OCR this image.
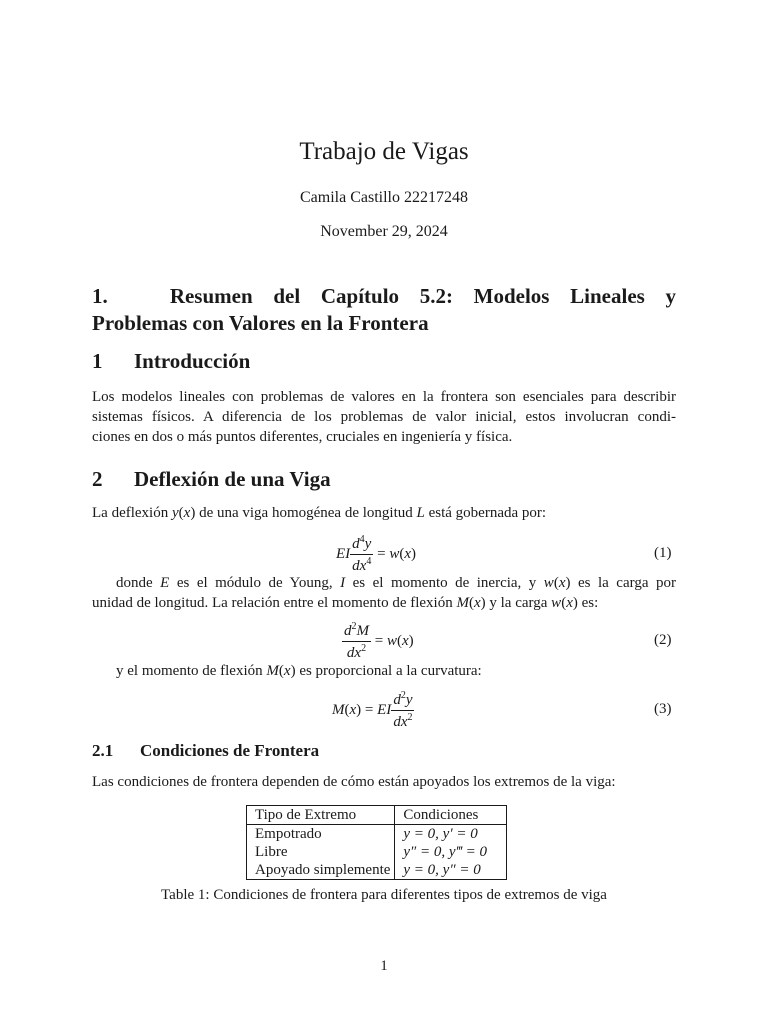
Trabajo de Vigas
Camila Castillo 22217248
November 29, 2024
1.	Resumen del Capítulo 5.2: Modelos Lineales y
Problemas con Valores en la Frontera
1 Introducción
Los modelos lineales con problemas de valores en la frontera son esenciales para describir
sistemas físicos. A diferencia de los problemas de valor inicial, estos involucran condi-
ciones en dos o más puntos diferentes, cruciales en ingeniería y física.
2 Deflexión de una Viga
La deflexión y(x) de una viga homogénea de longitud L está gobernada por:
EI $\frac{d^4y}{dx^4} = w(x)$	(1)
donde E es el módulo de Young, I es el momento de inercia, y w(x) es la carga por
unidad de longitud. La relación entre el momento de flexión M(x) y la carga w(x) es:
$\frac{d^2M}{dx^2} = w(x)$	(2)
y el momento de flexión M(x) es proporcional a la curvatura:
M(x) = EI $\frac{d^2y}{dx^2}$	(3)
2.1 Condiciones de Frontera
Las condiciones de frontera dependen de cómo están apoyados los extremos de la viga:
Tipo de Extremo	Condiciones
Empotrado	y = 0, y′ = 0
Libre	y″ = 0, y‴ = 0
Apoyado simplemente	y = 0, y″ = 0
Table 1: Condiciones de frontera para diferentes tipos de extremos de viga
1
